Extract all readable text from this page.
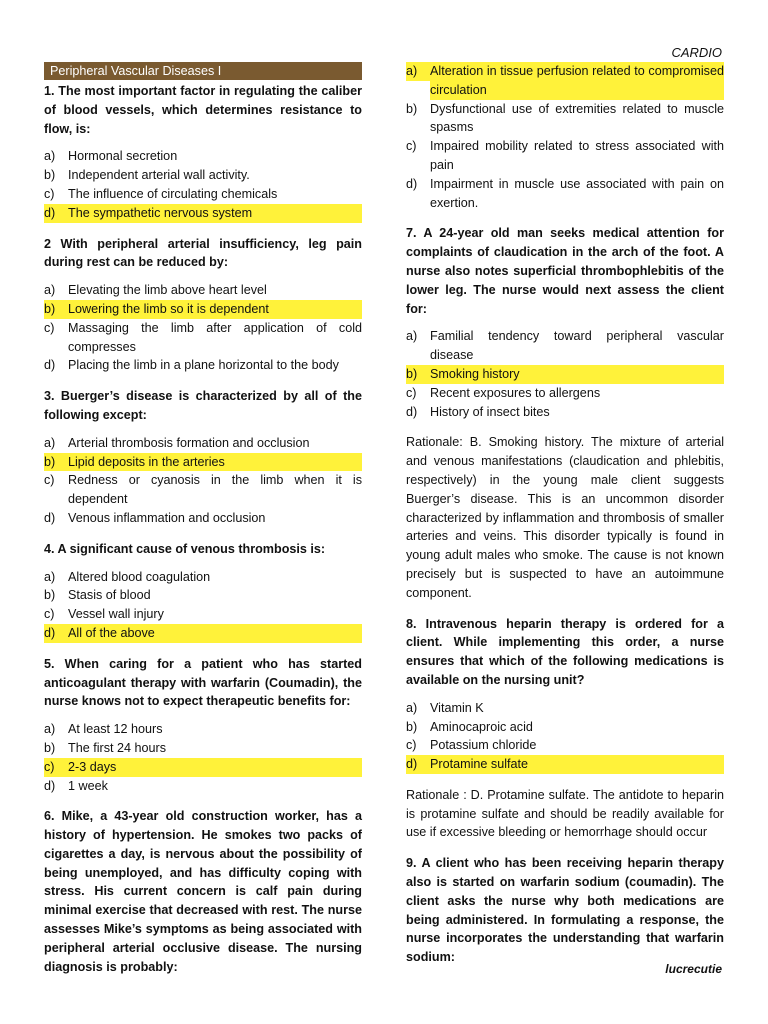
CARDIO
Peripheral Vascular Diseases I

1. The most important factor in regulating the caliber of blood vessels, which determines resistance to flow, is:

a)	Hormonal secretion
b)	Independent arterial wall activity.
c)	The influence of circulating chemicals
d)	The sympathetic nervous system

2 With peripheral arterial insufficiency, leg pain during rest can be reduced by:

a)	Elevating the limb above heart level
b)	Lowering the limb so it is dependent
c)	Massaging the limb after application of cold compresses
d)	Placing the limb in a plane horizontal to the body

3. Buerger’s disease is characterized by all of the following except:

a)	Arterial thrombosis formation and occlusion
b)	Lipid deposits in the arteries
c)	Redness or cyanosis in the limb when it is dependent
d)	Venous inflammation and occlusion

4. A significant cause of venous thrombosis is:

a)	Altered blood coagulation
b)	Stasis of blood
c)	Vessel wall injury
d)	All of the above

5. When caring for a patient who has started anticoagulant therapy with warfarin (Coumadin), the nurse knows not to expect therapeutic benefits for:

a)	At least 12 hours
b)	The first 24 hours
c)	2-3 days
d)	1 week

6. Mike, a 43-year old construction worker, has a history of hypertension. He smokes two packs of cigarettes a day, is nervous about the possibility of being unemployed, and has difficulty coping with stress. His current concern is calf pain during minimal exercise that decreased with rest. The nurse assesses Mike’s symptoms as being associated with peripheral arterial occlusive disease. The nursing diagnosis is probably:

a)	Alteration in tissue perfusion related to compromised circulation
b)	Dysfunctional use of extremities related to muscle spasms
c)	Impaired mobility related to stress associated with pain
d)	Impairment in muscle use associated with pain on exertion.

7. A 24-year old man seeks medical attention for complaints of claudication in the arch of the foot. A nurse also notes superficial thrombophlebitis of the lower leg. The nurse would next assess the client for:

a)	Familial tendency toward peripheral vascular disease
b)	Smoking history
c)	Recent exposures to allergens
d)	History of insect bites

Rationale: B. Smoking history. The mixture of arterial and venous manifestations (claudication and phlebitis, respectively) in the young male client suggests Buerger’s disease. This is an uncommon disorder characterized by inflammation and thrombosis of smaller arteries and veins. This disorder typically is found in young adult males who smoke. The cause is not known precisely but is suspected to have an autoimmune component.

8. Intravenous heparin therapy is ordered for a client. While implementing this order, a nurse ensures that which of the following medications is available on the nursing unit?

a)	Vitamin K
b)	Aminocaproic acid
c)	Potassium chloride
d)	Protamine sulfate

Rationale : D. Protamine sulfate. The antidote to heparin is protamine sulfate and should be readily available for use if excessive bleeding or hemorrhage should occur

9. A client who has been receiving heparin therapy also is started on warfarin sodium (coumadin). The client asks the nurse why both medications are being administered. In formulating a response, the nurse incorporates the understanding that warfarin sodium:

lucrecutie
